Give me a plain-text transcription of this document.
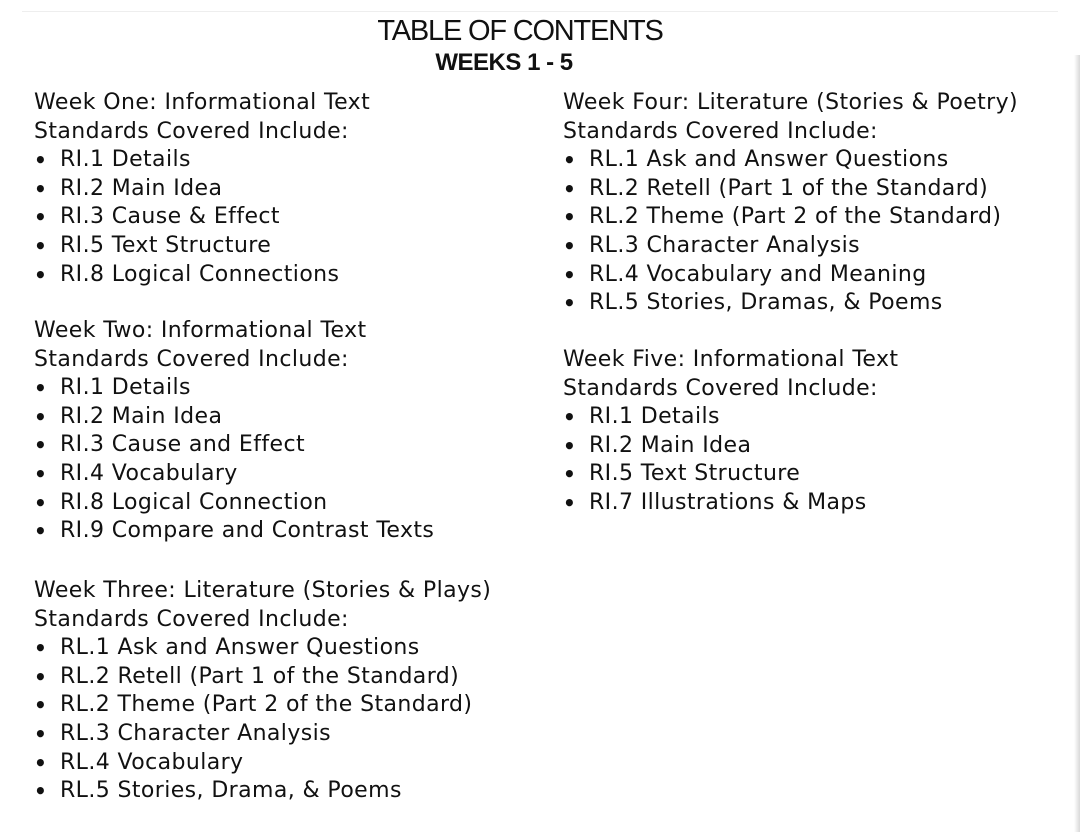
TABLE OF CONTENTS
WEEKS 1 - 5
Week One: Informational Text
Standards Covered Include:
• RI.1 Details
• RI.2 Main Idea
• RI.3 Cause & Effect
• RI.5 Text Structure
• RI.8 Logical Connections
Week Two: Informational Text
Standards Covered Include:
• RI.1 Details
• RI.2 Main Idea
• RI.3 Cause and Effect
• RI.4 Vocabulary
• RI.8 Logical Connection
• RI.9 Compare and Contrast Texts
Week Three: Literature (Stories & Plays)
Standards Covered Include:
• RL.1 Ask and Answer Questions
• RL.2 Retell (Part 1 of the Standard)
• RL.2 Theme (Part 2 of the Standard)
• RL.3 Character Analysis
• RL.4 Vocabulary
• RL.5 Stories, Drama, & Poems
Week Four: Literature (Stories & Poetry)
Standards Covered Include:
• RL.1 Ask and Answer Questions
• RL.2 Retell (Part 1 of the Standard)
• RL.2 Theme (Part 2 of the Standard)
• RL.3 Character Analysis
• RL.4 Vocabulary and Meaning
• RL.5 Stories, Dramas, & Poems
Week Five: Informational Text
Standards Covered Include:
• RI.1 Details
• RI.2 Main Idea
• RI.5 Text Structure
• RI.7 Illustrations & Maps
